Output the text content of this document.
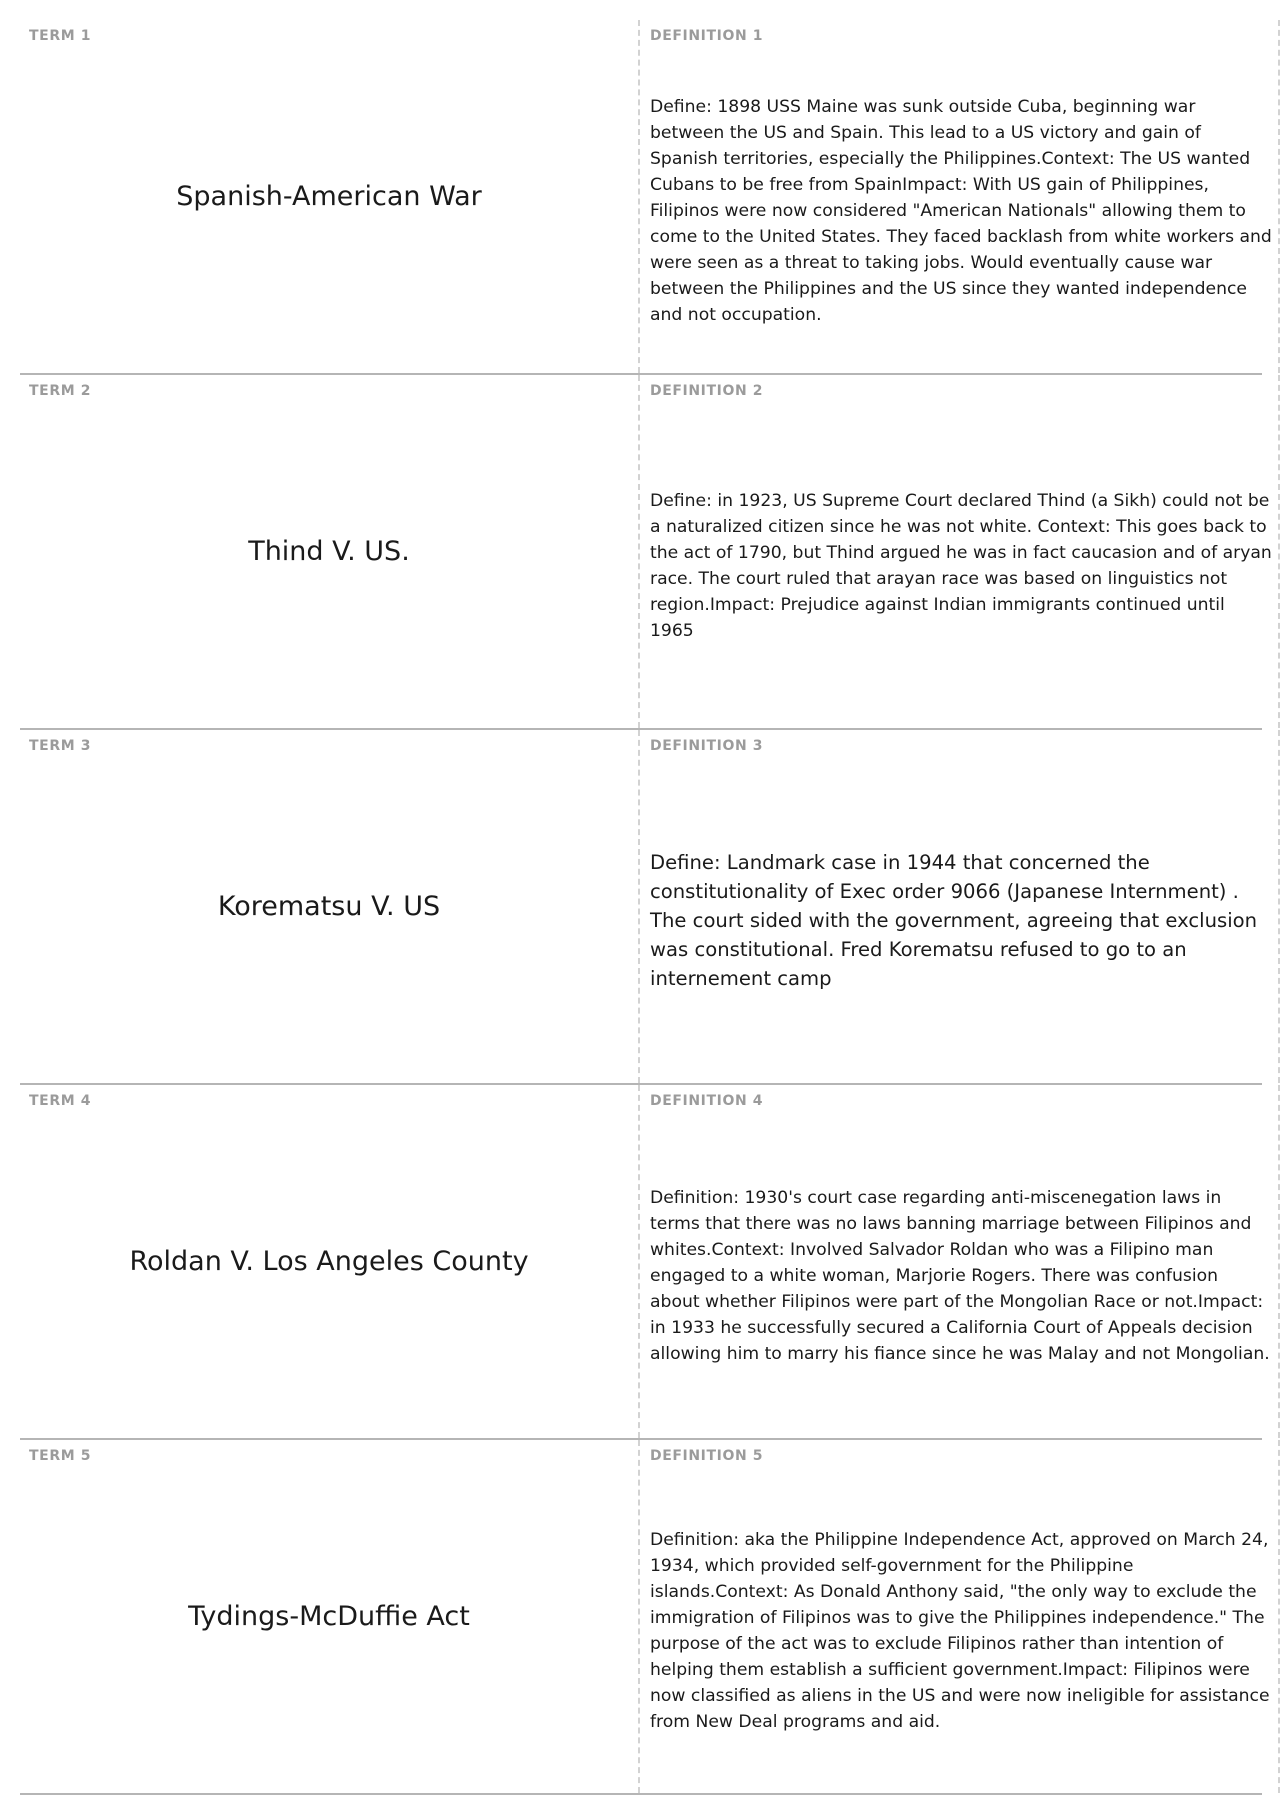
TERM 1
Spanish-American War
DEFINITION 1
Define: 1898 USS Maine was sunk outside Cuba, beginning war between the US and Spain. This lead to a US victory and gain of Spanish territories, especially the Philippines.Context: The US wanted Cubans to be free from SpainImpact: With US gain of Philippines, Filipinos were now considered "American Nationals" allowing them to come to the United States. They faced backlash from white workers and were seen as a threat to taking jobs. Would eventually cause war between the Philippines and the US since they wanted independence and not occupation.
TERM 2
Thind V. US.
DEFINITION 2
Define: in 1923, US Supreme Court declared Thind (a Sikh) could not be a naturalized citizen since he was not white. Context: This goes back to the act of 1790, but Thind argued he was in fact caucasion and of aryan race. The court ruled that arayan race was based on linguistics not region.Impact: Prejudice against Indian immigrants continued until 1965
TERM 3
Korematsu V. US
DEFINITION 3
Define: Landmark case in 1944 that concerned the constitutionality of Exec order 9066 (Japanese Internment) . The court sided with the government, agreeing that exclusion was constitutional. Fred Korematsu refused to go to an internement camp
TERM 4
Roldan V. Los Angeles County
DEFINITION 4
Definition: 1930's court case regarding anti-miscenegation laws in terms that there was no laws banning marriage between Filipinos and whites.Context: Involved Salvador Roldan who was a Filipino man engaged to a white woman, Marjorie Rogers. There was confusion about whether Filipinos were part of the Mongolian Race or not.Impact: in 1933 he successfully secured a California Court of Appeals decision allowing him to marry his fiance since he was Malay and not Mongolian.
TERM 5
Tydings-McDuffie Act
DEFINITION 5
Definition: aka the Philippine Independence Act, approved on March 24, 1934, which provided self-government for the Philippine islands.Context: As Donald Anthony said, "the only way to exclude the immigration of Filipinos was to give the Philippines independence." The purpose of the act was to exclude Filipinos rather than intention of helping them establish a sufficient government.Impact: Filipinos were now classified as aliens in the US and were now ineligible for assistance from New Deal programs and aid.
